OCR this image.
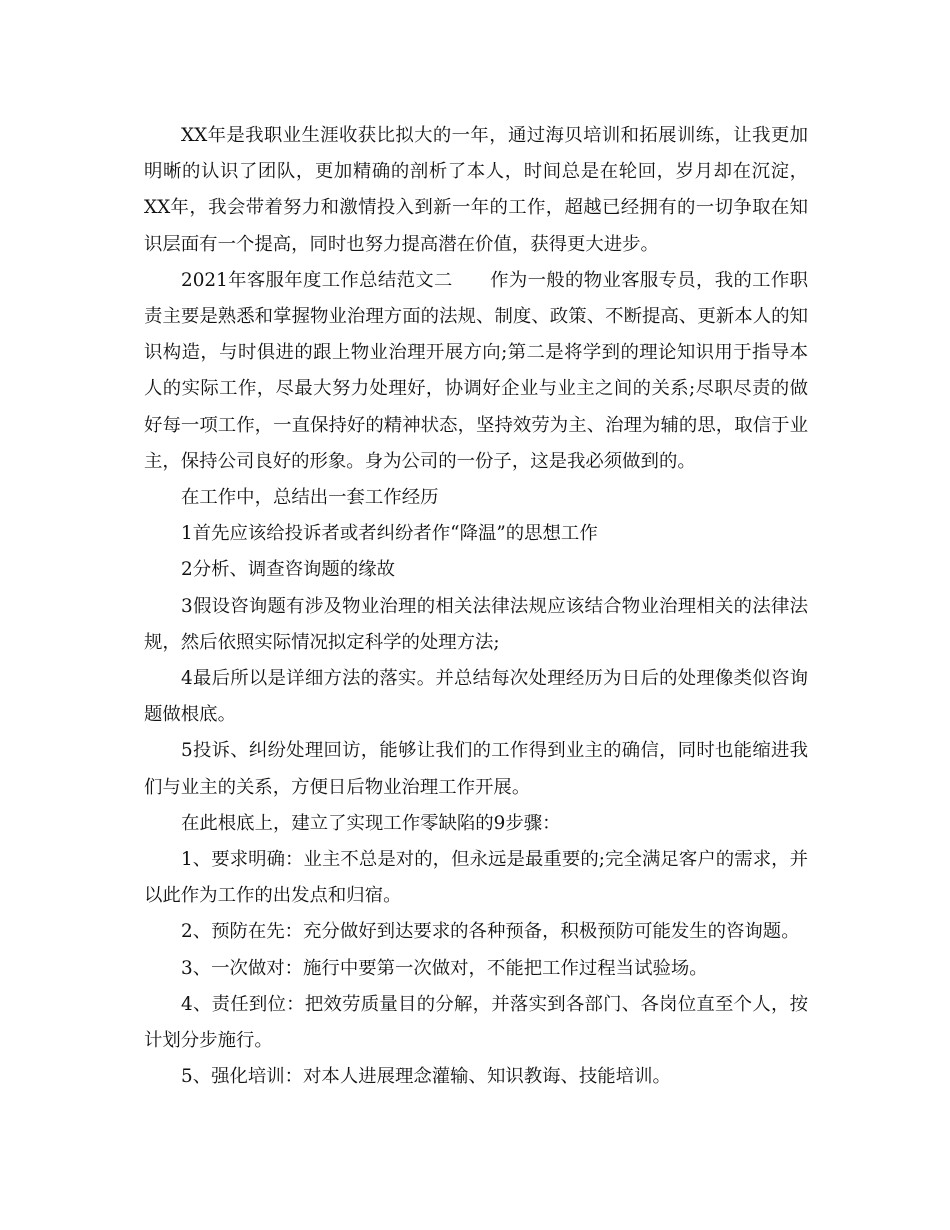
XX年是我职业生涯收获比拟大的一年，通过海贝培训和拓展训练，让我更加明晰的认识了团队，更加精确的剖析了本人，时间总是在轮回，岁月却在沉淀，XX年，我会带着努力和激情投入到新一年的工作，超越已经拥有的一切争取在知识层面有一个提高，同时也努力提高潜在价值，获得更大进步。

2021年客服年度工作总结范文二　　作为一般的物业客服专员，我的工作职责主要是熟悉和掌握物业治理方面的法规、制度、政策、不断提高、更新本人的知识构造，与时俱进的跟上物业治理开展方向;第二是将学到的理论知识用于指导本人的实际工作，尽最大努力处理好，协调好企业与业主之间的关系;尽职尽责的做好每一项工作，一直保持好的精神状态，坚持效劳为主、治理为辅的思，取信于业主，保持公司良好的形象。身为公司的一份子，这是我必须做到的。

在工作中，总结出一套工作经历

1首先应该给投诉者或者纠纷者作“降温”的思想工作

2分析、调查咨询题的缘故

3假设咨询题有涉及物业治理的相关法律法规应该结合物业治理相关的法律法规，然后依照实际情况拟定科学的处理方法;

4最后所以是详细方法的落实。并总结每次处理经历为日后的处理像类似咨询题做根底。

5投诉、纠纷处理回访，能够让我们的工作得到业主的确信，同时也能缩进我们与业主的关系，方便日后物业治理工作开展。

在此根底上，建立了实现工作零缺陷的9步骤：

1、要求明确：业主不总是对的，但永远是最重要的;完全满足客户的需求，并以此作为工作的出发点和归宿。

2、预防在先：充分做好到达要求的各种预备，积极预防可能发生的咨询题。

3、一次做对：施行中要第一次做对，不能把工作过程当试验场。

4、责任到位：把效劳质量目的分解，并落实到各部门、各岗位直至个人，按计划分步施行。

5、强化培训：对本人进展理念灌输、知识教诲、技能培训。
